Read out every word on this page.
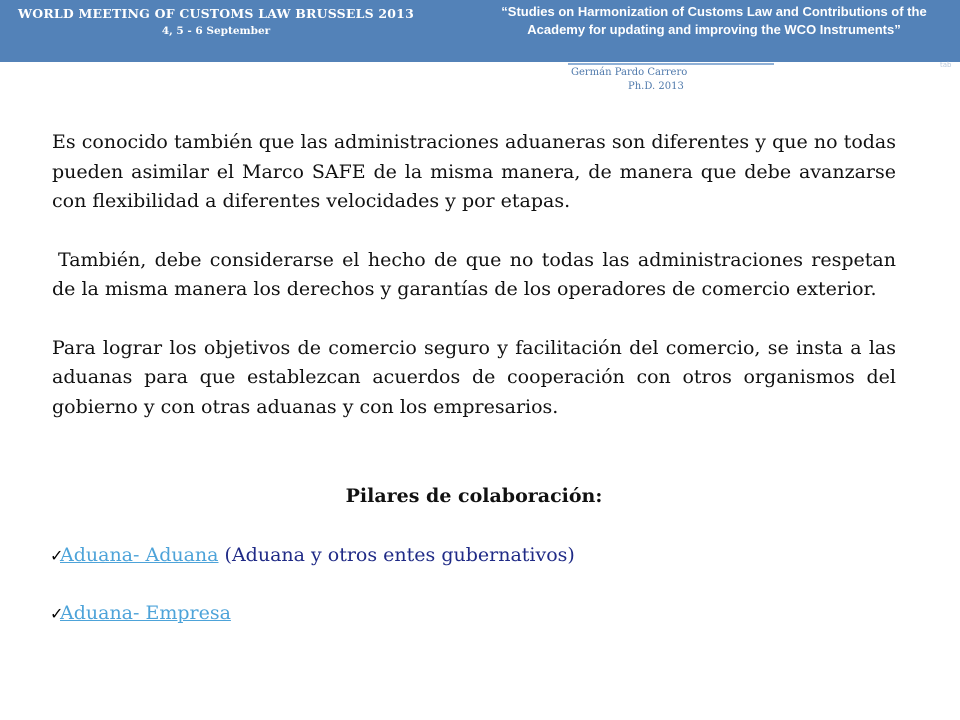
WORLD MEETING OF CUSTOMS LAW BRUSSELS 2013
4, 5 - 6 September
“Studies on Harmonization of Customs Law and Contributions of the Academy for updating and improving the WCO Instruments”
tab
Germán Pardo Carrero
Ph.D. 2013

Es conocido también que las administraciones aduaneras son diferentes y que no todas pueden asimilar el Marco SAFE de la misma manera, de manera que debe avanzarse con flexibilidad a diferentes velocidades y por etapas.

También, debe considerarse el hecho de que no todas las administraciones respetan de la misma manera los derechos y garantías de los operadores de comercio exterior.

Para lograr los objetivos de comercio seguro y facilitación del comercio, se insta a las aduanas para que establezcan acuerdos de cooperación con otros organismos del gobierno y con otras aduanas y con los empresarios.

Pilares de colaboración:

✓Aduana- Aduana (Aduana y otros entes gubernativos)

✓Aduana- Empresa
